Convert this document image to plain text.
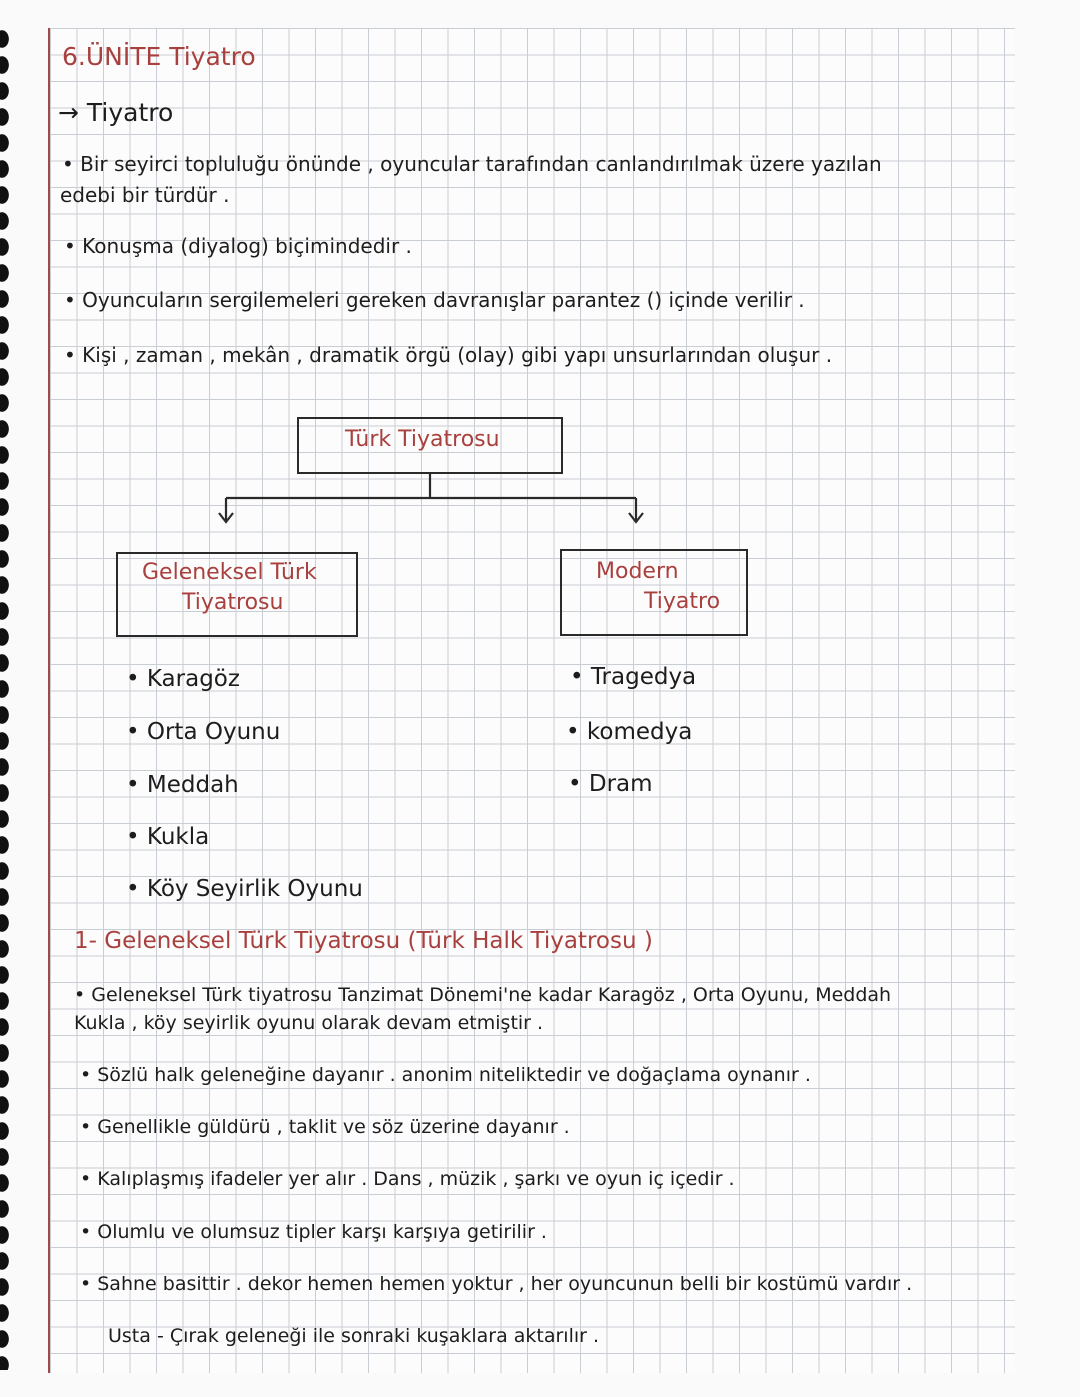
6.ÜNİTE Tiyatro
→ Tiyatro
• Bir seyirci topluluğu önünde , oyuncular tarafından canlandırılmak üzere yazılan
edebi bir türdür .
• Konuşma (diyalog) biçimindedir .
• Oyuncuların sergilemeleri gereken davranışlar parantez () içinde verilir .
• Kişi , zaman , mekân , dramatik örgü (olay) gibi yapı unsurlarından oluşur .
Türk Tiyatrosu
Geleneksel Türk
Tiyatrosu
Modern
Tiyatro
• Karagöz
• Orta Oyunu
• Meddah
• Kukla
• Köy Seyirlik Oyunu
• Tragedya
• komedya
• Dram
1- Geleneksel Türk Tiyatrosu (Türk Halk Tiyatrosu )
• Geleneksel Türk tiyatrosu Tanzimat Dönemi'ne kadar Karagöz , Orta Oyunu, Meddah
Kukla , köy seyirlik oyunu olarak devam etmiştir .
• Sözlü halk geleneğine dayanır . anonim niteliktedir ve doğaçlama oynanır .
• Genellikle güldürü , taklit ve söz üzerine dayanır .
• Kalıplaşmış ifadeler yer alır . Dans , müzik , şarkı ve oyun iç içedir .
• Olumlu ve olumsuz tipler karşı karşıya getirilir .
• Sahne basittir . dekor hemen hemen yoktur , her oyuncunun belli bir kostümü vardır .
Usta - Çırak geleneği ile sonraki kuşaklara aktarılır .
